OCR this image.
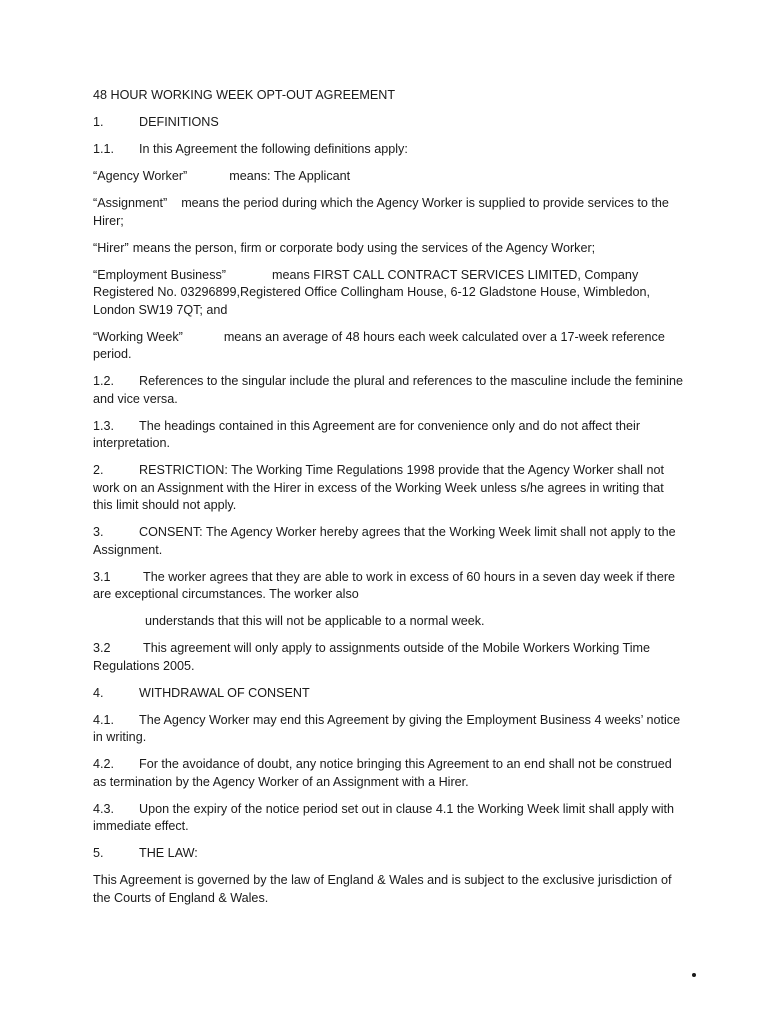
48 HOUR WORKING WEEK OPT-OUT AGREEMENT

1.	DEFINITIONS

1.1. In this Agreement the following definitions apply:

“Agency Worker”	means: The Applicant

“Assignment” means the period during which the Agency Worker is supplied to provide services to the Hirer;

“Hirer” means the person, firm or corporate body using the services of the Agency Worker;

“Employment Business”	means FIRST CALL CONTRACT SERVICES LIMITED, Company Registered No. 03296899,Registered Office Collingham House, 6-12 Gladstone House, Wimbledon, London SW19 7QT; and

“Working Week”	means an average of 48 hours each week calculated over a 17-week reference period.

1.2. References to the singular include the plural and references to the masculine include the feminine and vice versa.

1.3. The headings contained in this Agreement are for convenience only and do not affect their interpretation.

2.	RESTRICTION: The Working Time Regulations 1998 provide that the Agency Worker shall not work on an Assignment with the Hirer in excess of the Working Week unless s/he agrees in writing that this limit should not apply.

3.	CONSENT: The Agency Worker hereby agrees that the Working Week limit shall not apply to the Assignment.

3.1	The worker agrees that they are able to work in excess of 60 hours in a seven day week if there are exceptional circumstances. The worker also

understands that this will not be applicable to a normal week.

3.2	This agreement will only apply to assignments outside of the Mobile Workers Working Time Regulations 2005.

4.	WITHDRAWAL OF CONSENT

4.1. The Agency Worker may end this Agreement by giving the Employment Business 4 weeks’ notice in writing.

4.2. For the avoidance of doubt, any notice bringing this Agreement to an end shall not be construed as termination by the Agency Worker of an Assignment with a Hirer.

4.3. Upon the expiry of the notice period set out in clause 4.1 the Working Week limit shall apply with immediate effect.

5.	THE LAW:

This Agreement is governed by the law of England & Wales and is subject to the exclusive jurisdiction of the Courts of England & Wales.
